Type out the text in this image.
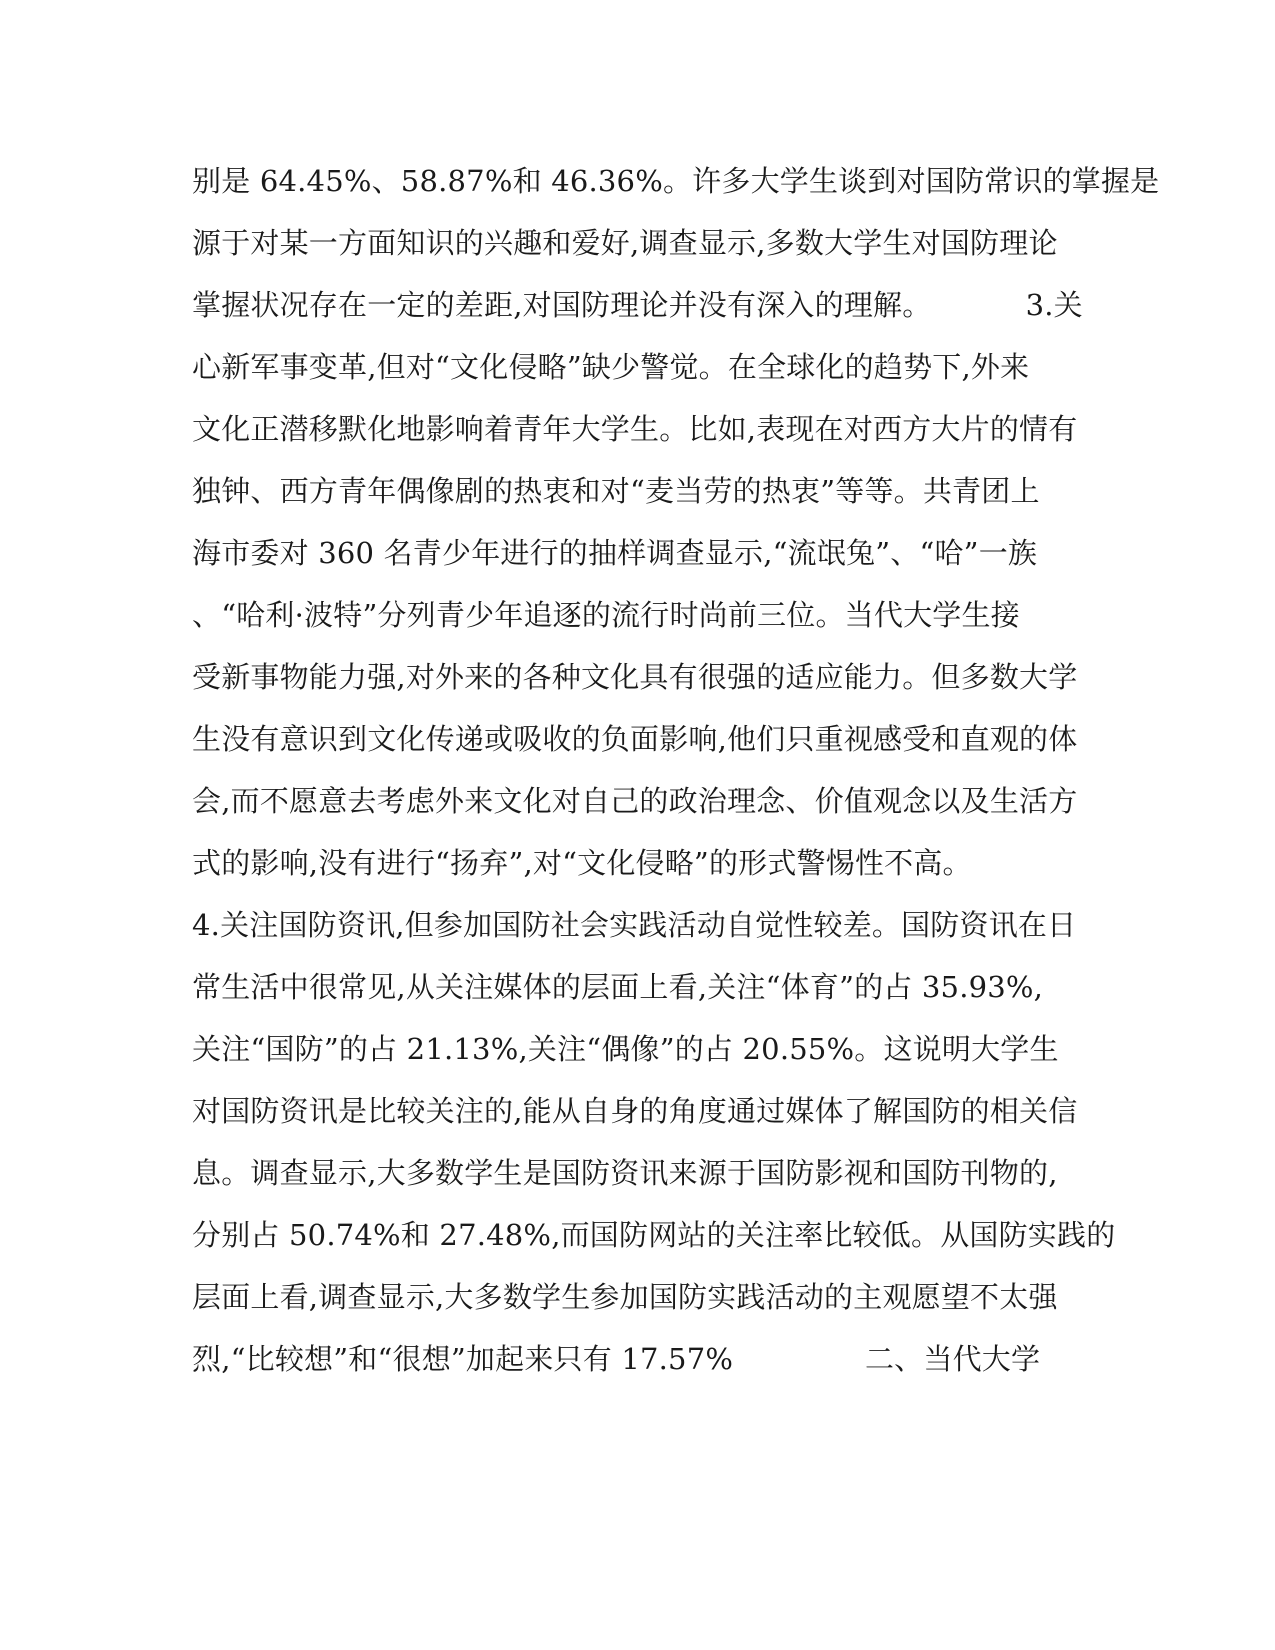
别是 64.45%、58.87%和 46.36%。许多大学生谈到对国防常识的掌握是
源于对某一方面知识的兴趣和爱好,调查显示,多数大学生对国防理论
掌握状况存在一定的差距,对国防理论并没有深入的理解。          3.关
心新军事变革,但对“文化侵略”缺少警觉。在全球化的趋势下,外来
文化正潜移默化地影响着青年大学生。比如,表现在对西方大片的情有
独钟、西方青年偶像剧的热衷和对“麦当劳的热衷”等等。共青团上
海市委对 360 名青少年进行的抽样调查显示,“流氓兔”、“哈”一族
、“哈利·波特”分列青少年追逐的流行时尚前三位。当代大学生接
受新事物能力强,对外来的各种文化具有很强的适应能力。但多数大学
生没有意识到文化传递或吸收的负面影响,他们只重视感受和直观的体
会,而不愿意去考虑外来文化对自己的政治理念、价值观念以及生活方
式的影响,没有进行“扬弃”,对“文化侵略”的形式警惕性不高。
4.关注国防资讯,但参加国防社会实践活动自觉性较差。国防资讯在日
常生活中很常见,从关注媒体的层面上看,关注“体育”的占 35.93%,
关注“国防”的占 21.13%,关注“偶像”的占 20.55%。这说明大学生
对国防资讯是比较关注的,能从自身的角度通过媒体了解国防的相关信
息。调查显示,大多数学生是国防资讯来源于国防影视和国防刊物的,
分别占 50.74%和 27.48%,而国防网站的关注率比较低。从国防实践的
层面上看,调查显示,大多数学生参加国防实践活动的主观愿望不太强
烈,“比较想”和“很想”加起来只有 17.57%              二、当代大学
